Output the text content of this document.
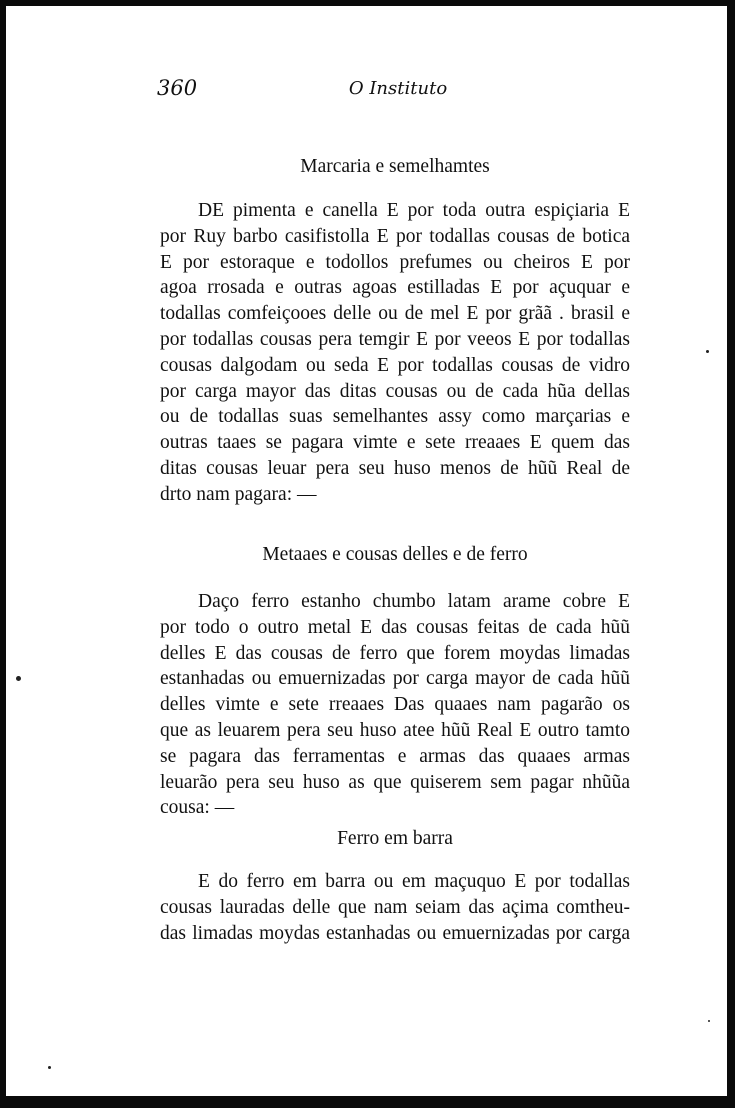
360	O Instituto
Marcaria e semelhamtes
DE pimenta e canella E por toda outra espiçiaria E
por Ruy barbo casifistolla E por todallas cousas de botica
E por estoraque e todollos prefumes ou cheiros E por
agoa rrosada e outras agoas estilladas E por açuquar e
todallas comfeiçooes delle ou de mel E por grãã . brasil e
por todallas cousas pera temgir E por veeos E por todallas
cousas dalgodam ou seda E por todallas cousas de vidro
por carga mayor das ditas cousas ou de cada hũa dellas
ou de todallas suas semelhantes assy como marçarias e
outras taaes se pagara vimte e sete rreaaes E quem das
ditas cousas leuar pera seu huso menos de hũũ Real de
drto nam pagara: —
Metaaes e cousas delles e de ferro
Daço ferro estanho chumbo latam arame cobre E
por todo o outro metal E das cousas feitas de cada hũũ
delles E das cousas de ferro que forem moydas limadas
estanhadas ou emuernizadas por carga mayor de cada hũũ
delles vimte e sete rreaaes Das quaaes nam pagarão os
que as leuarem pera seu huso atee hũũ Real E outro tamto
se pagara das ferramentas e armas das quaaes armas
leuarão pera seu huso as que quiserem sem pagar nhũũa
cousa: —
Ferro em barra
E do ferro em barra ou em maçuquo E por todallas
cousas lauradas delle que nam seiam das açima comtheu-
das limadas moydas estanhadas ou emuernizadas por carga
